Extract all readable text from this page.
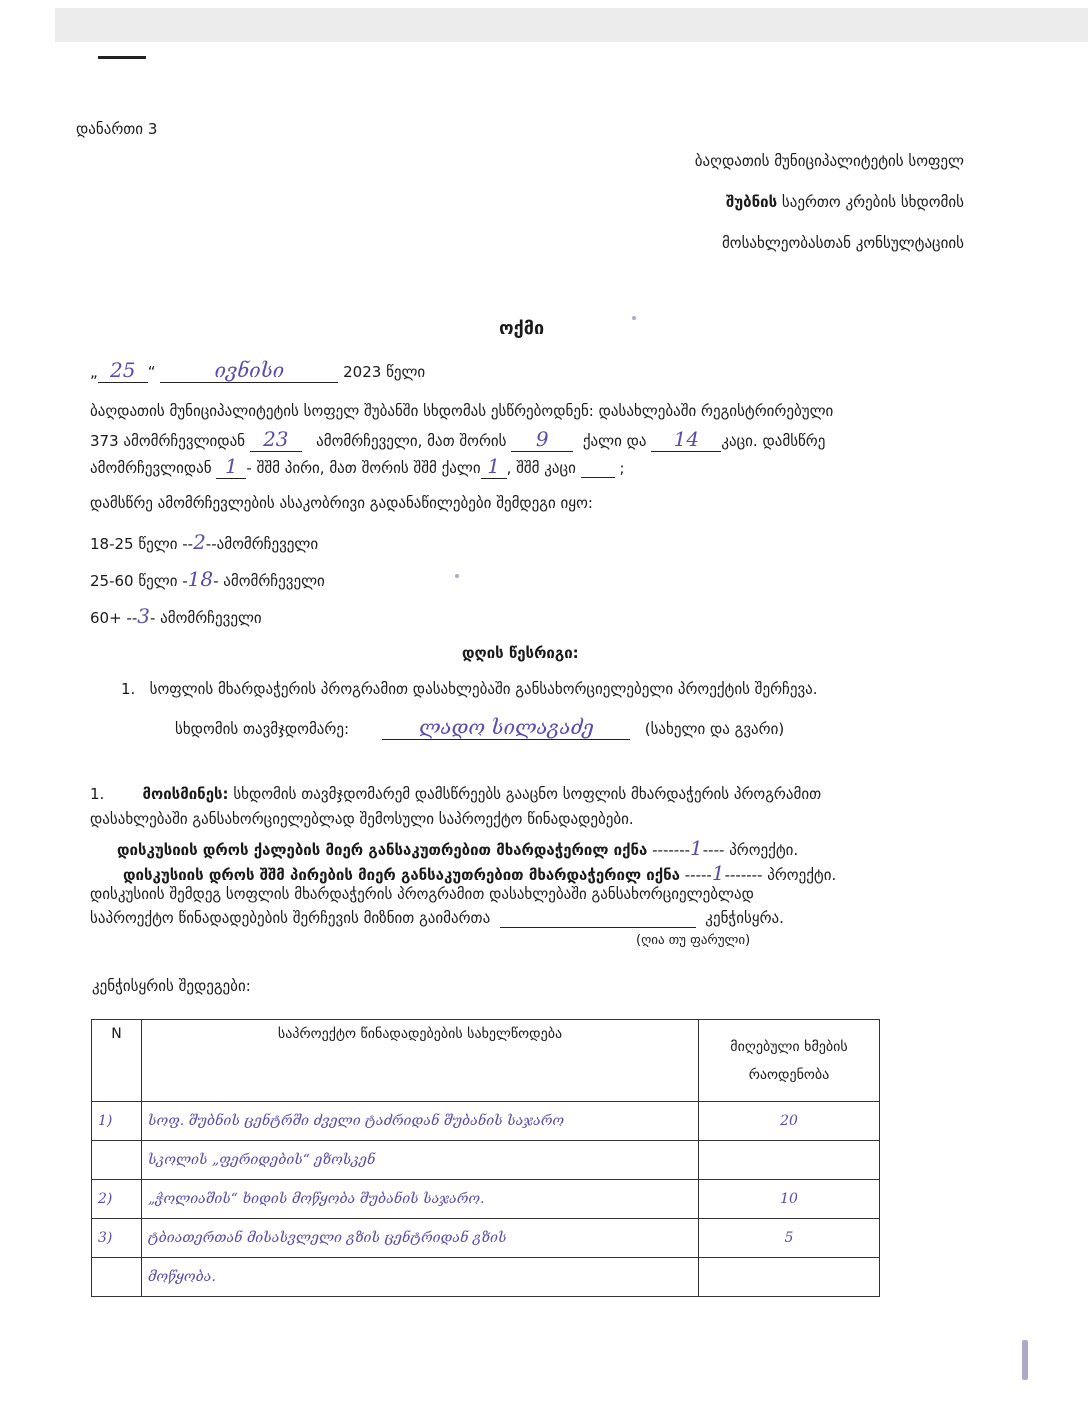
დანართი 3
ბაღდათის მუნიციპალიტეტის სოფელ
შუბნის საერთო კრების სხდომის
მოსახლეობასთან კონსულტაციის
ოქმი
„ 25 “	ივნისი	2023 წელი
ბაღდათის მუნიციპალიტეტის სოფელ შუბანში სხდომას ესწრებოდნენ: დასახლებაში რეგისტრირებული
373 ამომრჩევლიდან 23 ამომრჩეველი, მათ შორის 9 ქალი და 14 კაცი. დამსწრე
ამომრჩევლიდან 1 - შშმ პირი, მათ შორის შშმ ქალი 1 , შშმ კაცი	;
დამსწრე ამომრჩევლების ასაკობრივი გადანაწილებები შემდეგი იყო:
18-25 წელი --2--ამომრჩეველი
25-60 წელი -18- ამომრჩეველი
60+ --3- ამომრჩეველი
დღის წესრიგი:
1. სოფლის მხარდაჭერის პროგრამით დასახლებაში განსახორციელებელი პროექტის შერჩევა.
სხდომის თავმჯდომარე:	ლადო სილაგაძე	(სახელი და გვარი)
1.	მოისმინეს: სხდომის თავმჯდომარემ დამსწრეებს გააცნო სოფლის მხარდაჭერის პროგრამით
დასახლებაში განსახორციელებლად შემოსული საპროექტო წინადადებები.
დისკუსიის დროს ქალების მიერ განსაკუთრებით მხარდაჭერილ იქნა -------1---- პროექტი.
დისკუსიის დროს შშმ პირების მიერ განსაკუთრებით მხარდაჭერილ იქნა -----1------- პროექტი.
დისკუსიის შემდეგ სოფლის მხარდაჭერის პროგრამით დასახლებაში განსახორციელებლად
საპროექტო წინადადებების შერჩევის მიზნით გაიმართა	კენჭისყრა.
(ღია თუ ფარული)
კენჭისყრის შედეგები:
N	საპროექტო წინადადებების სახელწოდება	მიღებული ხმების
რაოდენობა

1)	სოფ. შუბნის ცენტრში ძველი ტაძრიდან შუბანის საჯარო	20
	სკოლის „ფერიდების“ ეზოსკენ	
2)	„ჭოლიაშის“ ხიდის მოწყობა შუბანის საჯარო.	10
3)	ტბიათერთან მისასვლელი გზის ცენტრიდან გზის	5
	მოწყობა.	
